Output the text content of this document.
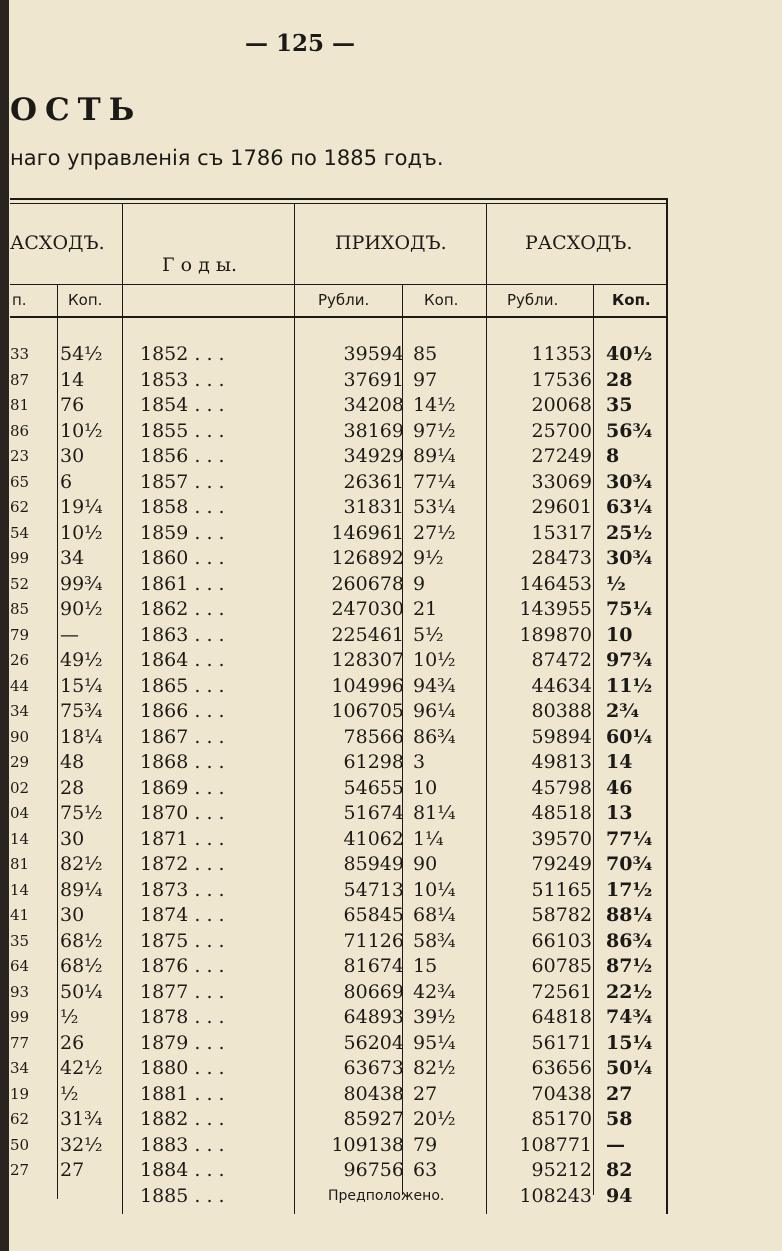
— 125 —
ОСТЬ
наго управленія съ 1786 по 1885 годъ.
АСХОДЪ.
Г о д ы.
ПРИХОДЪ.	РАСХОДЪ.
п.	Коп.	Рубли.	Коп.	Рубли.	Коп.
33 54½ 1852 . . .	39594 85	11353 40½
87 14	1853 . . .	37691 97	17536 28
81 76	1854 . . .	34208 14½	20068 35
86 10½ 1855 . . .	38169 97½	25700 56¾
23 30	1856 . . .	34929 89¼	27249 8
65 6	1857 . . .	26361 77¼	33069 30¾
62 19¼ 1858 . . .	31831 53¼	29601 63¼
54 10½ 1859 . . .	146961 27½	15317 25½
99 34	1860 . . .	126892 9½	28473 30¾
52 99¾ 1861 . . .	260678 9	146453 ½
85 90½ 1862 . . .	247030 21	143955 75¼
79 —	1863 . . .	225461 5½	189870 10
26 49½ 1864 . . .	128307 10½	87472 97¾
44 15¼ 1865 . . .	104996 94¾	44634 11½
34 75¾ 1866 . . .	106705 96¼	80388 2¾
90 18¼ 1867 . . .	78566 86¾	59894 60¼
29 48	1868 . . .	61298 3	49813 14
02 28	1869 . . .	54655 10	45798 46
04 75½ 1870 . . .	51674 81¼	48518 13
14 30	1871 . . .	41062 1¼	39570 77¼
81 82½ 1872 . . .	85949 90	79249 70¾
14 89¼ 1873 . . .	54713 10¼	51165 17½
41 30	1874 . . .	65845 68¼	58782 88¼
35 68½ 1875 . . .	71126 58¾	66103 86¾
64 68½ 1876 . . .	81674 15	60785 87½
93 50¼ 1877 . . .	80669 42¾	72561 22½
99 ½	1878 . . .	64893 39½	64818 74¾
77 26	1879 . . .	56204 95¼	56171 15¼
34 42½ 1880 . . .	63673 82½	63656 50¼
19 ½	1881 . . .	80438 27	70438 27
62 31¾ 1882 . . .	85927 20½	85170 58
50 32½ 1883 . . .	109138 79	108771 —
27 27	1884 . . .	96756 63	95212 82
1885 . . .	Предположено.	108243 94
